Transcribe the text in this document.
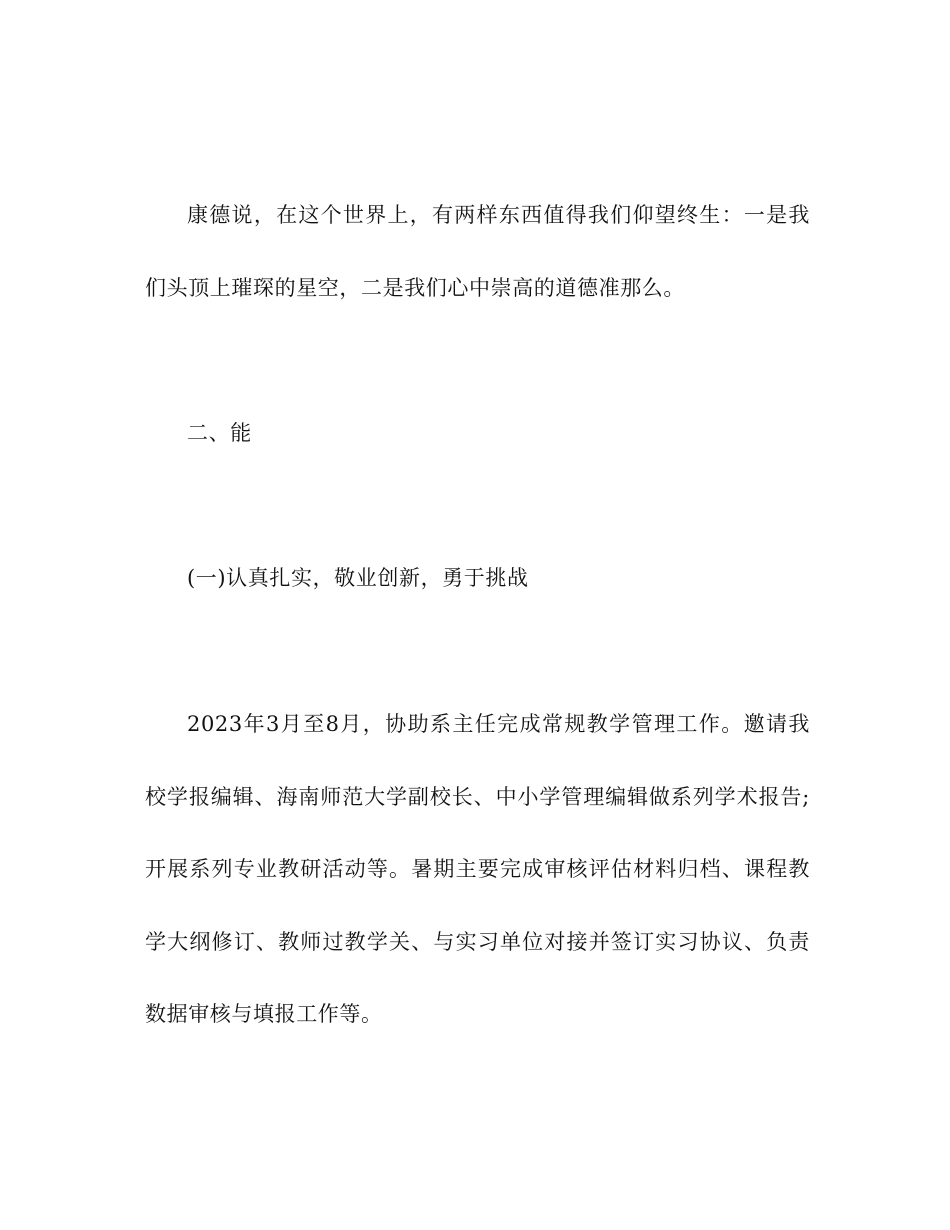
康德说，在这个世界上，有两样东西值得我们仰望终生：一是我们头顶上璀琛的星空，二是我们心中崇高的道德准那么。

二、能

(一)认真扎实，敬业创新，勇于挑战

2023年3月至8月，协助系主任完成常规教学管理工作。邀请我校学报编辑、海南师范大学副校长、中小学管理编辑做系列学术报告;开展系列专业教研活动等。暑期主要完成审核评估材料归档、课程教学大纲修订、教师过教学关、与实习单位对接并签订实习协议、负责数据审核与填报工作等。
